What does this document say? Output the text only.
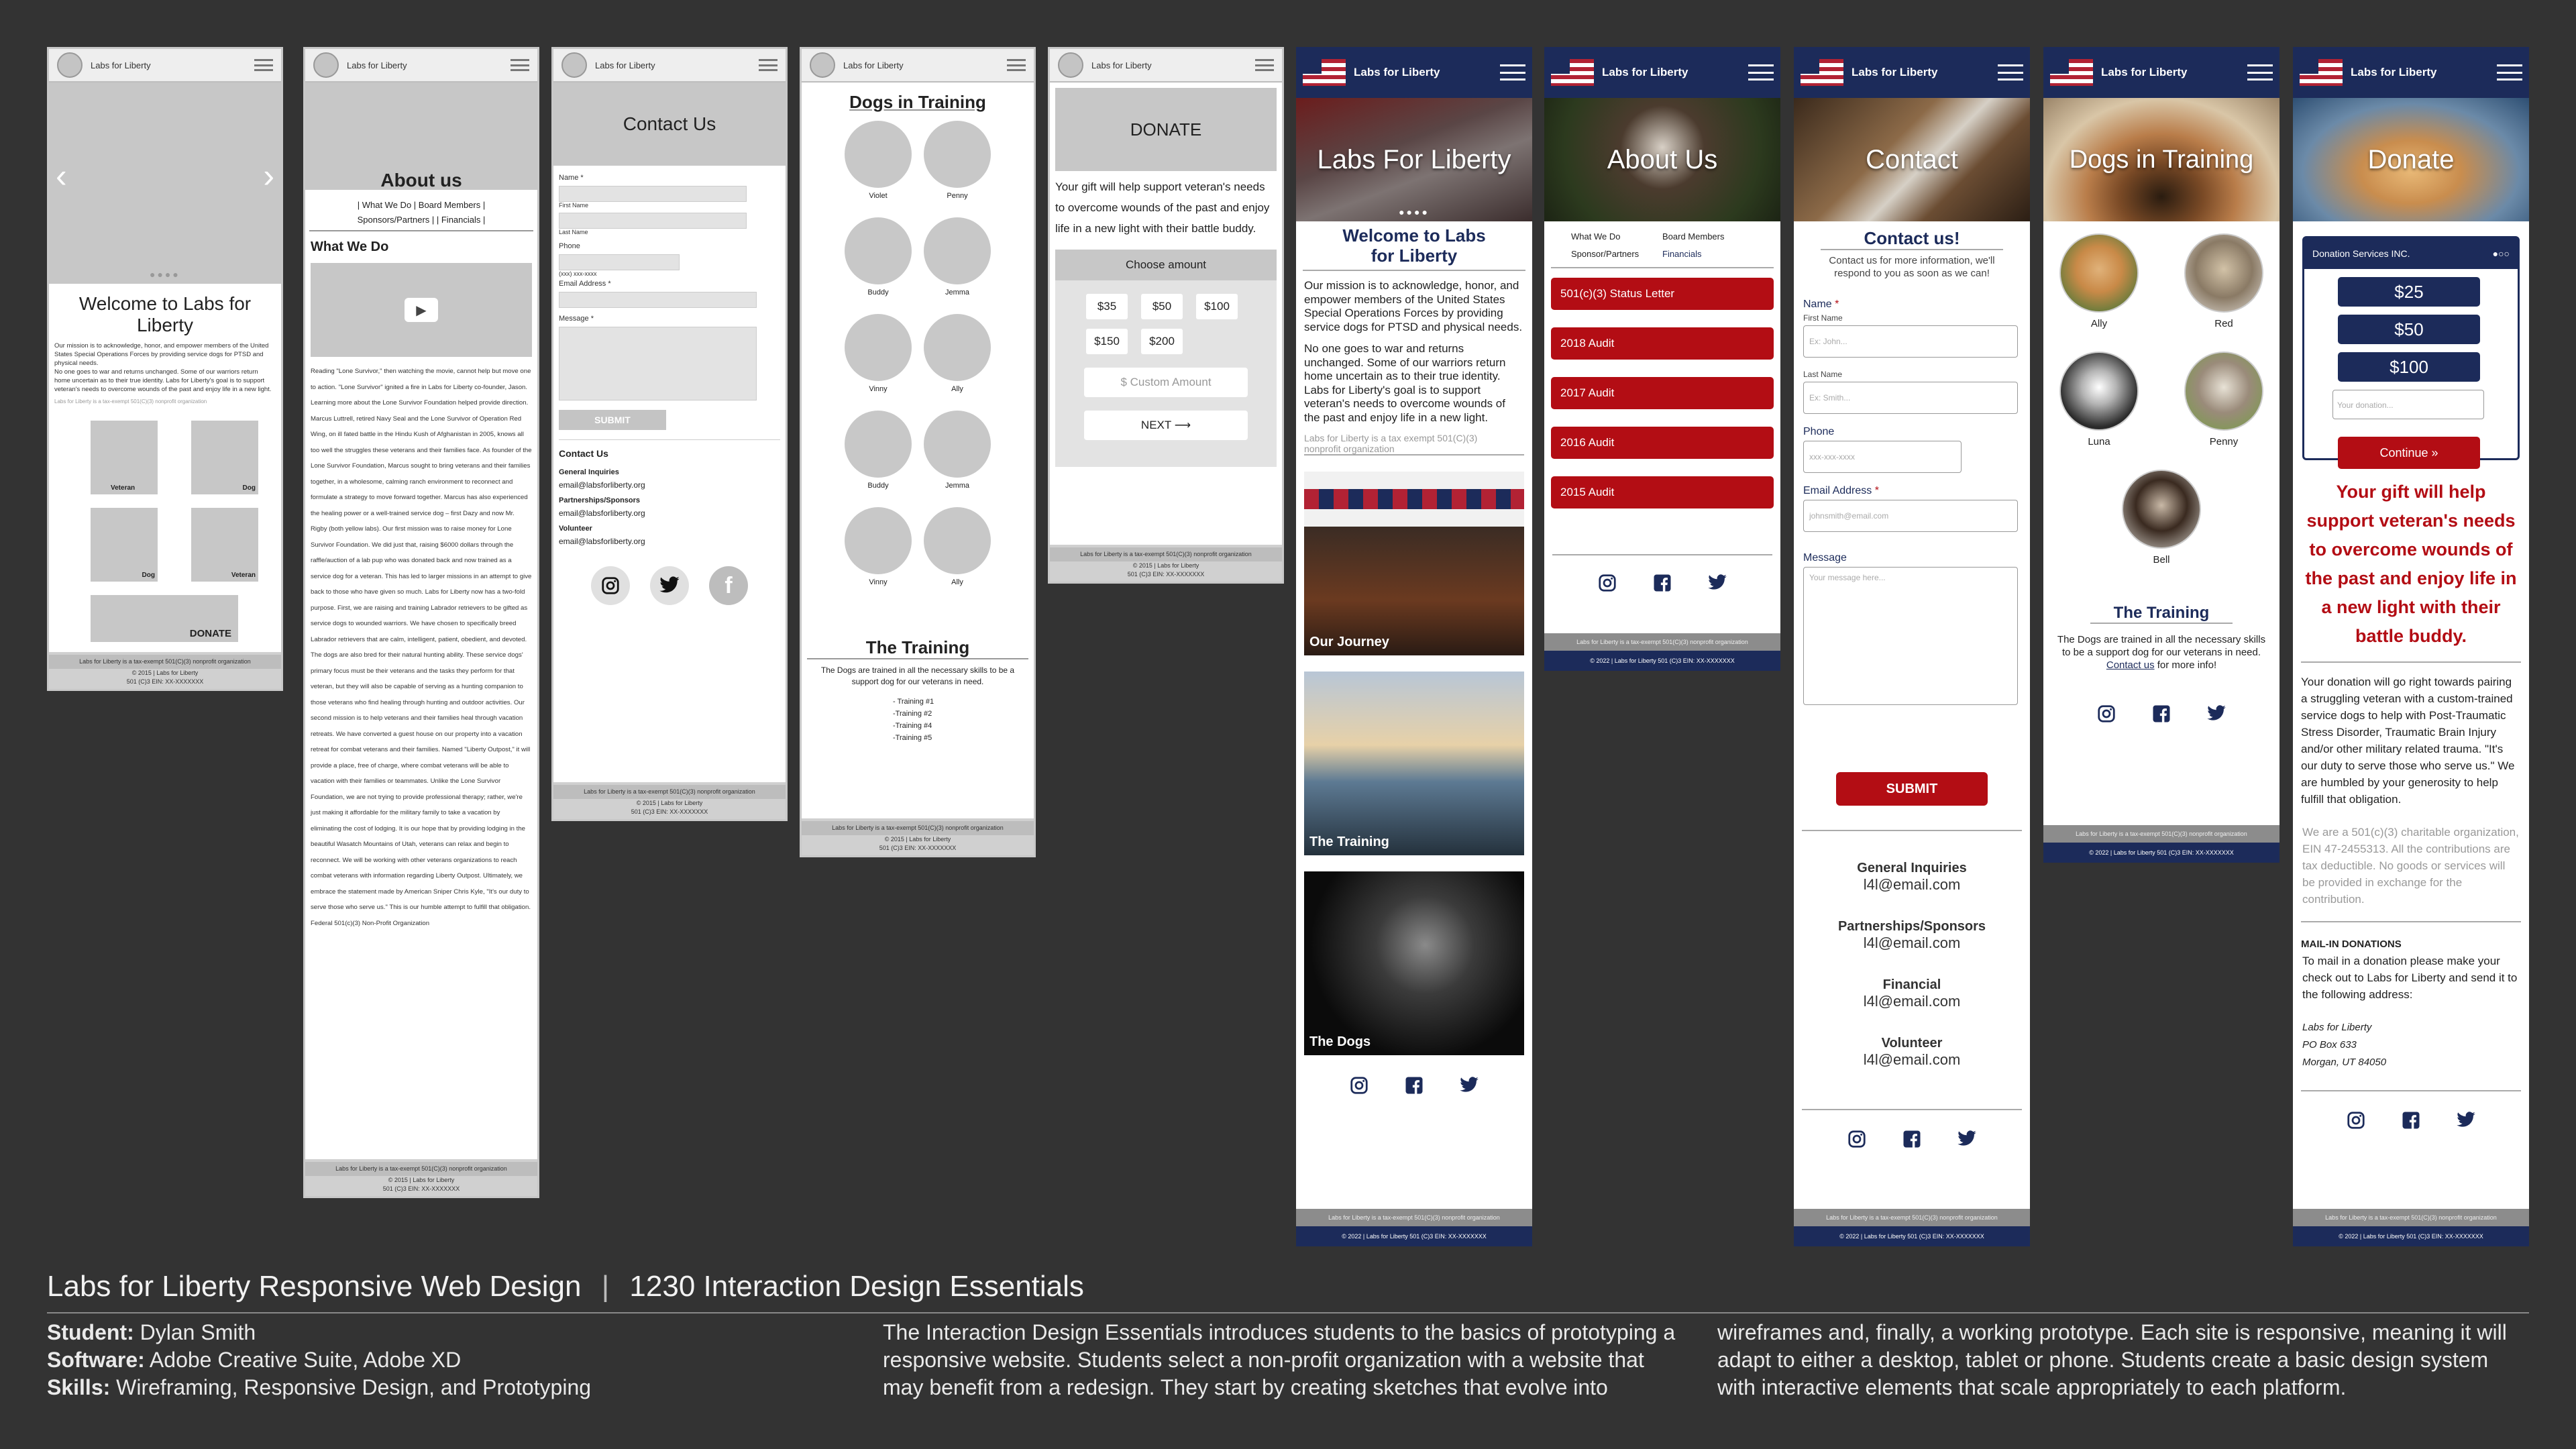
Labs for Liberty
‹	›
●●●●
Welcome to Labs for Liberty
Our mission is to acknowledge, honor, and empower members of the United States Special Operations Forces by providing service dogs for PTSD and physical needs.
No one goes to war and returns unchanged. Some of our warriors return home uncertain as to their true identity. Labs for Liberty's goal is to support veteran's needs to overcome wounds of the past and enjoy life in a new light.
Labs for Liberty is a tax-exempt 501(C)(3) nonprofit organization
Veteran	Dog
Dog	Veteran
DONATE
Labs for Liberty is a tax-exempt 501(C)(3) nonprofit organization
© 2015 | Labs for Liberty
501 (C)3 EIN: XX-XXXXXXX
Labs for Liberty
About us
| What We Do | Board Members | Sponsors/Partners | | Financials |
What We Do
▶
Reading "Lone Survivor," then watching the movie, cannot help but move one to action. "Lone Survivor" ignited a fire in Labs for Liberty co-founder, Jason. Learning more about the Lone Survivor Foundation helped provide direction. Marcus Luttrell, retired Navy Seal and the Lone Survivor of Operation Red Wing, on ill fated battle in the Hindu Kush of Afghanistan in 2005, knows all too well the struggles these veterans and their families face. As founder of the Lone Survivor Foundation, Marcus sought to bring veterans and their families together, in a wholesome, calming ranch environment to reconnect and formulate a strategy to move forward together. Marcus has also experienced the healing power or a well-trained service dog – first Dazy and now Mr. Rigby (both yellow labs). Our first mission was to raise money for Lone Survivor Foundation. We did just that, raising $6000 dollars through the raffle/auction of a lab pup who was donated back and now trained as a service dog for a veteran. This has led to larger missions in an attempt to give back to those who have given so much. Labs for Liberty now has a two-fold purpose. First, we are raising and training Labrador retrievers to be gifted as service dogs to wounded warriors. We have chosen to specifically breed Labrador retrievers that are calm, intelligent, patient, obedient, and devoted. The dogs are also bred for their natural hunting ability. These service dogs' primary focus must be their veterans and the tasks they perform for that veteran, but they will also be capable of serving as a hunting companion to those veterans who find healing through hunting and outdoor activities. Our second mission is to help veterans and their families heal through vacation retreats. We have converted a guest house on our property into a vacation retreat for combat veterans and their families. Named "Liberty Outpost," it will provide a place, free of charge, where combat veterans will be able to vacation with their families or teammates. Unlike the Lone Survivor Foundation, we are not trying to provide professional therapy; rather, we're just making it affordable for the military family to take a vacation by eliminating the cost of lodging. It is our hope that by providing lodging in the beautiful Wasatch Mountains of Utah, veterans can relax and begin to reconnect. We will be working with other veterans organizations to reach combat veterans with information regarding Liberty Outpost. Ultimately, we embrace the statement made by American Sniper Chris Kyle, "It's our duty to serve those who serve us." This is our humble attempt to fulfill that obligation. Federal 501(c)(3) Non-Profit Organization
Labs for Liberty is a tax-exempt 501(C)(3) nonprofit organization
© 2015 | Labs for Liberty
501 (C)3 EIN: XX-XXXXXXX
Labs for Liberty
Contact Us
Name *
First Name
Last Name
Phone
(xxx) xxx-xxxx
Email Address *
Message *
SUBMIT
Contact Us
General Inquiries
email@labsforliberty.org
Partnerships/Sponsors
email@labsforliberty.org
Volunteer
email@labsforliberty.org
f
Labs for Liberty is a tax-exempt 501(C)(3) nonprofit organization
© 2015 | Labs for Liberty
501 (C)3 EIN: XX-XXXXXXX
Labs for Liberty
Dogs in Training
Violet	Penny
Buddy	Jemma
Vinny	Ally
Buddy	Jemma
Vinny	Ally
The Training
The Dogs are trained in all the necessary skills to be a support dog for our veterans in need.
- Training #1
-Training #2
-Training #4
-Training #5
Labs for Liberty is a tax-exempt 501(C)(3) nonprofit organization
© 2015 | Labs for Liberty
501 (C)3 EIN: XX-XXXXXXX
Labs for Liberty
DONATE
Your gift will help support veteran's needs to overcome wounds of the past and enjoy life in a new light with their battle buddy.
Choose amount
$35	$50	$100
$150	$200
$ Custom Amount
NEXT ⟶
Labs for Liberty is a tax-exempt 501(C)(3) nonprofit organization
© 2015 | Labs for Liberty
501 (C)3 EIN: XX-XXXXXXX
Labs for Liberty
Labs For Liberty
●●●●
Welcome to Labs for Liberty
Our mission is to acknowledge, honor, and empower members of the United States Special Operations Forces by providing service dogs for PTSD and physical needs.
No one goes to war and returns unchanged. Some of our warriors return home uncertain as to their true identity. Labs for Liberty's goal is to support veteran's needs to overcome wounds of the past and enjoy life in a new light.
Labs for Liberty is a tax exempt 501(C)(3) nonprofit organization
Our Journey
The Training
The Dogs
Labs for Liberty is a tax-exempt 501(C)(3) nonprofit organization
© 2022 | Labs for Liberty 501 (C)3 EIN: XX-XXXXXXX
Labs for Liberty
About Us
What We Do	Board Members
Sponsor/Partners	Financials
501(c)(3) Status Letter
2018 Audit
2017 Audit
2016 Audit
2015 Audit
Labs for Liberty is a tax-exempt 501(C)(3) nonprofit organization
© 2022 | Labs for Liberty 501 (C)3 EIN: XX-XXXXXXX
Labs for Liberty
Contact
Contact us!
Contact us for more information, we'll respond to you as soon as we can!
Name *
First Name
Ex: John...
Last Name
Ex: Smith...
Phone
xxx-xxx-xxxx
Email Address *
johnsmith@email.com
Message
Your message here...
SUBMIT
General Inquiries
l4l@email.com
Partnerships/Sponsors
l4l@email.com
Financial
l4l@email.com
Volunteer
l4l@email.com
Labs for Liberty is a tax-exempt 501(C)(3) nonprofit organization
© 2022 | Labs for Liberty 501 (C)3 EIN: XX-XXXXXXX
Labs for Liberty
Dogs in Training
Ally	Red
Luna	Penny
Bell
The Training
The Dogs are trained in all the necessary skills to be a support dog for our veterans in need. Contact us for more info!
Labs for Liberty is a tax-exempt 501(C)(3) nonprofit organization
© 2022 | Labs for Liberty 501 (C)3 EIN: XX-XXXXXXX
Labs for Liberty
Donate
Donation Services INC.	●○○
$25
$50
$100
Your donation...
Continue »
Your gift will help support veteran's needs to overcome wounds of the past and enjoy life in a new light with their battle buddy.
Your donation will go right towards pairing a struggling veteran with a custom-trained service dogs to help with Post-Traumatic Stress Disorder, Traumatic Brain Injury and/or other military related trauma. "It's our duty to serve those who serve us." We are humbled by your generosity to help fulfill that obligation.
We are a 501(c)(3) charitable organization, EIN 47-2455313. All the contributions are tax deductible. No goods or services will be provided in exchange for the contribution.
MAIL-IN DONATIONS
To mail in a donation please make your check out to Labs for Liberty and send it to the following address:
Labs for Liberty
PO Box 633
Morgan, UT 84050
Labs for Liberty is a tax-exempt 501(C)(3) nonprofit organization
© 2022 | Labs for Liberty 501 (C)3 EIN: XX-XXXXXXX
Labs for Liberty Responsive Web Design | 1230 Interaction Design Essentials
Student: Dylan Smith
Software: Adobe Creative Suite, Adobe XD
Skills: Wireframing, Responsive Design, and Prototyping
The Interaction Design Essentials introduces students to the basics of prototyping a responsive website. Students select a non-profit organization with a website that may benefit from a redesign. They start by creating sketches that evolve into
wireframes and, finally, a working prototype. Each site is responsive, meaning it will adapt to either a desktop, tablet or phone. Students create a basic design system with interactive elements that scale appropriately to each platform.
